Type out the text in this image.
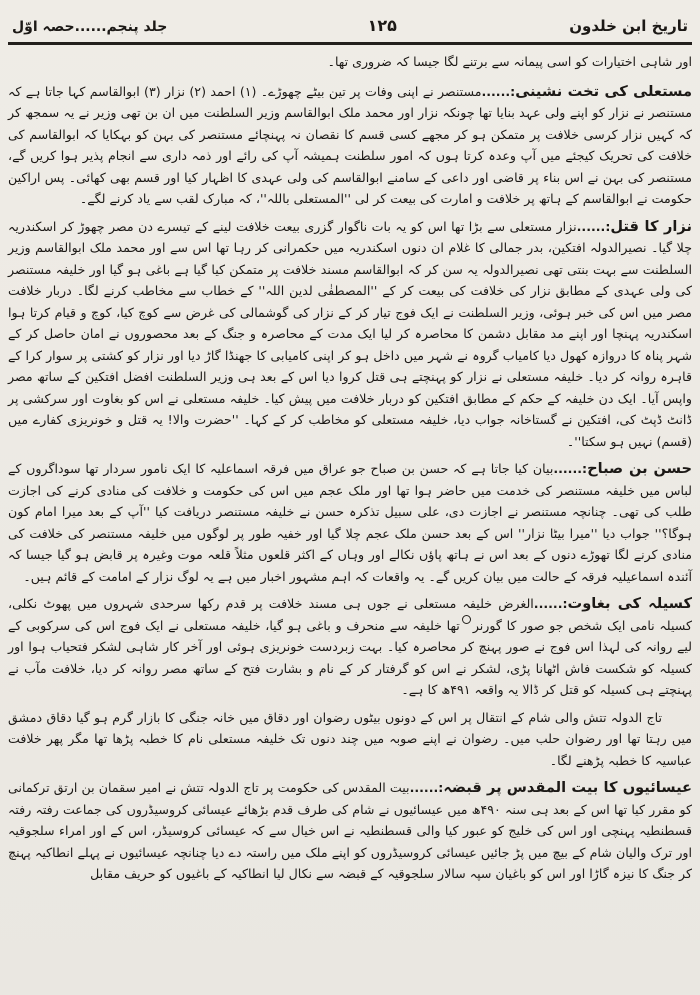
تاریخ ابن خلدون
۱۲۵
جلد پنجم......حصہ اوّل

اور شاہی اختیارات کو اسی پیمانہ سے برتنے لگا جیسا کہ ضروری تھا۔

مستعلی کی تخت نشینی:......مستنصر نے اپنی وفات پر تین بیٹے چھوڑے۔ (۱) احمد (۲) نزار (۳) ابوالقاسم کہا جاتا ہے کہ مستنصر نے نزار کو اپنے ولی عہد بنایا تھا چونکہ نزار اور محمد ملک ابوالقاسم وزیر السلطنت میں ان بن تھی وزیر نے یہ سمجھ کر کہ کہیں نزار کرسی خلافت پر متمکن ہو کر مجھے کسی قسم کا نقصان نہ پہنچائے مستنصر کی بہن کو بہکایا کہ ابوالقاسم کی خلافت کی تحریک کیجئے میں آپ وعدہ کرتا ہوں کہ امور سلطنت ہمیشہ آپ کی رائے اور ذمہ داری سے انجام پذیر ہوا کریں گے، مستنصر کی بہن نے اس بناء پر قاضی اور داعی کے سامنے ابوالقاسم کی ولی عہدی کا اظہار کیا اور قسم بھی کھائی۔ پس اراکین حکومت نے ابوالقاسم کے ہاتھ پر خلافت و امارت کی بیعت کر لی ''المستعلی باللہ''، کہ مبارک لقب سے یاد کرنے لگے۔

نزار کا قتل:......نزار مستعلی سے بڑا تھا اس کو یہ بات ناگوار گزری بیعت خلافت لینے کے تیسرے دن مصر چھوڑ کر اسکندریہ چلا گیا۔ نصیرالدولہ افتکین، بدر جمالی کا غلام ان دنوں اسکندریہ میں حکمرانی کر رہا تھا اس سے اور محمد ملک ابوالقاسم وزیر السلطنت سے بہت بنتی تھی نصیرالدولہ یہ سن کر کہ ابوالقاسم مسند خلافت پر متمکن کیا گیا ہے باغی ہو گیا اور خلیفہ مستنصر کی ولی عہدی کے مطابق نزار کی خلافت کی بیعت کر کے ''المصطفٰی لدین اللہ'' کے خطاب سے مخاطب کرنے لگا۔ دربار خلافت مصر میں اس کی خبر ہوئی، وزیر السلطنت نے ایک فوج تیار کر کے نزار کی گوشمالی کی غرض سے کوچ کیا، کوچ و قیام کرتا ہوا اسکندریہ پہنچا اور اپنے مد مقابل دشمن کا محاصرہ کر لیا ایک مدت کے محاصرہ و جنگ کے بعد محصوروں نے امان حاصل کر کے شہر پناہ کا دروازہ کھول دیا کامیاب گروہ نے شہر میں داخل ہو کر اپنی کامیابی کا جھنڈا گاڑ دیا اور نزار کو کشتی پر سوار کرا کے قاہرہ روانہ کر دیا۔ خلیفہ مستعلی نے نزار کو پہنچتے ہی قتل کروا دیا اس کے بعد ہی وزیر السلطنت افضل افتکین کے ساتھ مصر واپس آیا۔ ایک دن خلیفہ کے حکم کے مطابق افتکین کو دربار خلافت میں پیش کیا۔ خلیفہ مستعلی نے اس کو بغاوت اور سرکشی پر ڈانٹ ڈپٹ کی، افتکین نے گستاخانہ جواب دیا، خلیفہ مستعلی کو مخاطب کر کے کہا۔ ''حضرت والا! یہ قتل و خونریزی کفارے میں (قسم) نہیں ہو سکتا''۔

حسن بن صباح:......بیان کیا جاتا ہے کہ حسن بن صباح جو عراق میں فرقہ اسماعلیہ کا ایک نامور سردار تھا سوداگروں کے لباس میں خلیفہ مستنصر کی خدمت میں حاضر ہوا تھا اور ملک عجم میں اس کی حکومت و خلافت کی منادی کرنے کی اجازت طلب کی تھی۔ چنانچہ مستنصر نے اجازت دی، علی سبیل تذکرہ حسن نے خلیفہ مستنصر دریافت کیا ''آپ کے بعد میرا امام کون ہوگا؟'' جواب دیا ''میرا بیٹا نزار'' اس کے بعد حسن ملک عجم چلا گیا اور خفیہ طور پر لوگوں میں خلیفہ مستنصر کی خلافت کی منادی کرنے لگا تھوڑے دنوں کے بعد اس نے ہاتھ پاؤں نکالے اور وہاں کے اکثر قلعوں مثلاً قلعہ موت وغیرہ پر قابض ہو گیا جیسا کہ آئندہ اسماعیلیہ فرقہ کے حالت میں بیان کریں گے۔ یہ واقعات کہ اہم مشہور اخبار میں ہے یہ لوگ نزار کے امامت کے قائم ہیں۔

کسیلہ کی بغاوت:......الغرض خلیفہ مستعلی نے جوں ہی مسند خلافت پر قدم رکھا سرحدی شہروں میں پھوٹ نکلی، کسیلہ نامی ایک شخص جو صور کا گورنرتھا خلیفہ سے منحرف و باغی ہو گیا، خلیفہ مستعلی نے ایک فوج اس کی سرکوبی کے لیے روانہ کی لہذا اس فوج نے صور پہنچ کر محاصرہ کیا۔ بہت زبردست خونریزی ہوئی اور آخر کار شاہی لشکر فتحیاب ہوا اور کسیلہ کو شکست فاش اٹھانا پڑی، لشکر نے اس کو گرفتار کر کے نام و بشارت فتح کے ساتھ مصر روانہ کر دیا، خلافت مآب نے پہنچتے ہی کسیلہ کو قتل کر ڈالا یہ واقعہ ۴۹۱ھ کا ہے۔

تاج الدولہ تتش والی شام کے انتقال پر اس کے دونوں بیٹوں رضوان اور دقاق میں خانہ جنگی کا بازار گرم ہو گیا دقاق دمشق میں رہتا تھا اور رضوان حلب میں۔ رضوان نے اپنے صوبہ میں چند دنوں تک خلیفہ مستعلی نام کا خطبہ پڑھا تھا مگر پھر خلافت عباسیہ کا خطبہ پڑھنے لگا۔

عیسائیوں کا بیت المقدس پر قبضہ:......بیت المقدس کی حکومت پر تاج الدولہ تتش نے امیر سقمان بن ارتق ترکمانی کو مقرر کیا تھا اس کے بعد ہی سنہ ۴۹۰ھ میں عیسائیوں نے شام کی طرف قدم بڑھائے عیسائی کروسیڈروں کی جماعت رفتہ رفتہ قسطنطیہ پہنچی اور اس کی خلیج کو عبور کیا والی قسطنطیہ نے اس خیال سے کہ عیسائی کروسیڈر، اس کے اور امراء سلجوقیہ اور ترک والیان شام کے بیچ میں پڑ جائیں عیسائی کروسیڈروں کو اپنے ملک میں راستہ دے دیا چنانچہ عیسائیوں نے پہلے انطاکیہ پہنچ کر جنگ کا نیزہ گاڑا اور اس کو باغیان سپہ سالار سلجوقیہ کے قبضہ سے نکال لیا انطاکیہ کے باغیوں کو حریف مقابل
